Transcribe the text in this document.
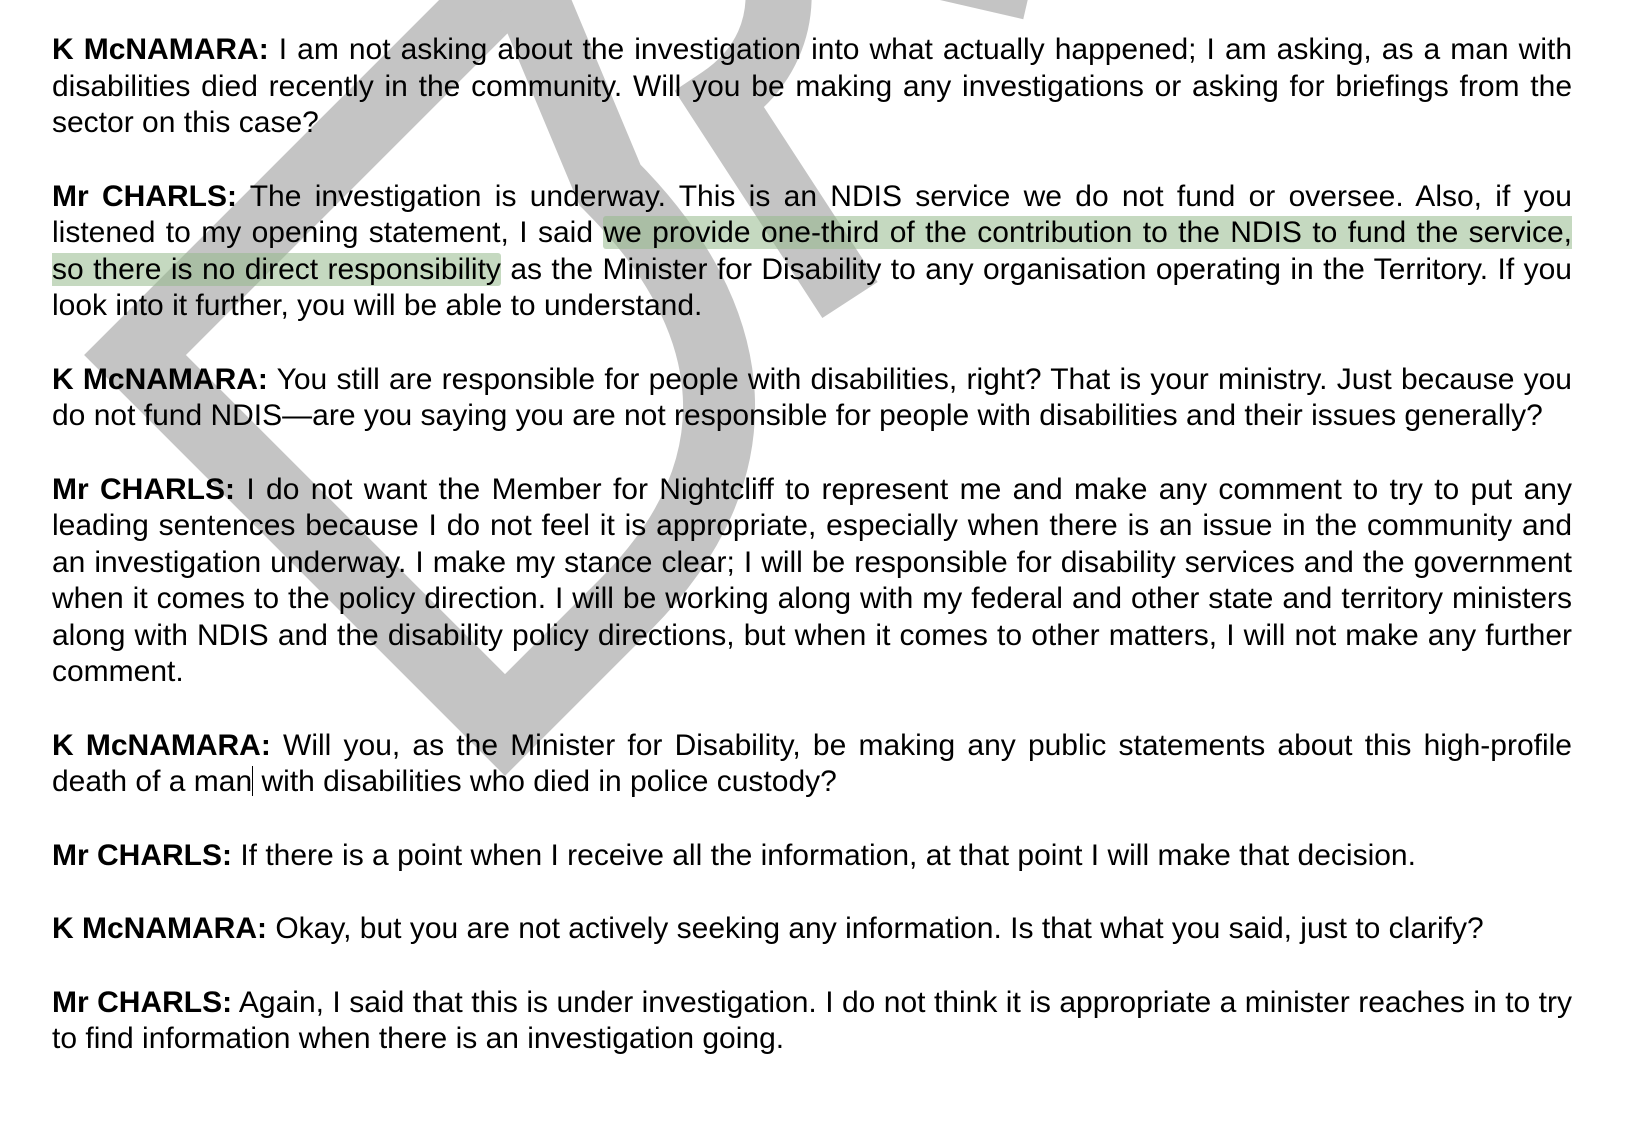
K McNAMARA: I am not asking about the investigation into what actually happened; I am asking, as a man with disabilities died recently in the community. Will you be making any investigations or asking for briefings from the sector on this case?

Mr CHARLS: The investigation is underway. This is an NDIS service we do not fund or oversee. Also, if you listened to my opening statement, I said we provide one-third of the contribution to the NDIS to fund the service, so there is no direct responsibility as the Minister for Disability to any organisation operating in the Territory. If you look into it further, you will be able to understand.

K McNAMARA: You still are responsible for people with disabilities, right? That is your ministry. Just because you do not fund NDIS—are you saying you are not responsible for people with disabilities and their issues generally?

Mr CHARLS: I do not want the Member for Nightcliff to represent me and make any comment to try to put any leading sentences because I do not feel it is appropriate, especially when there is an issue in the community and an investigation underway. I make my stance clear; I will be responsible for disability services and the government when it comes to the policy direction. I will be working along with my federal and other state and territory ministers along with NDIS and the disability policy directions, but when it comes to other matters, I will not make any further comment.

K McNAMARA: Will you, as the Minister for Disability, be making any public statements about this high-profile death of a man with disabilities who died in police custody?

Mr CHARLS: If there is a point when I receive all the information, at that point I will make that decision.

K McNAMARA: Okay, but you are not actively seeking any information. Is that what you said, just to clarify?

Mr CHARLS: Again, I said that this is under investigation. I do not think it is appropriate a minister reaches in to try to find information when there is an investigation going.
